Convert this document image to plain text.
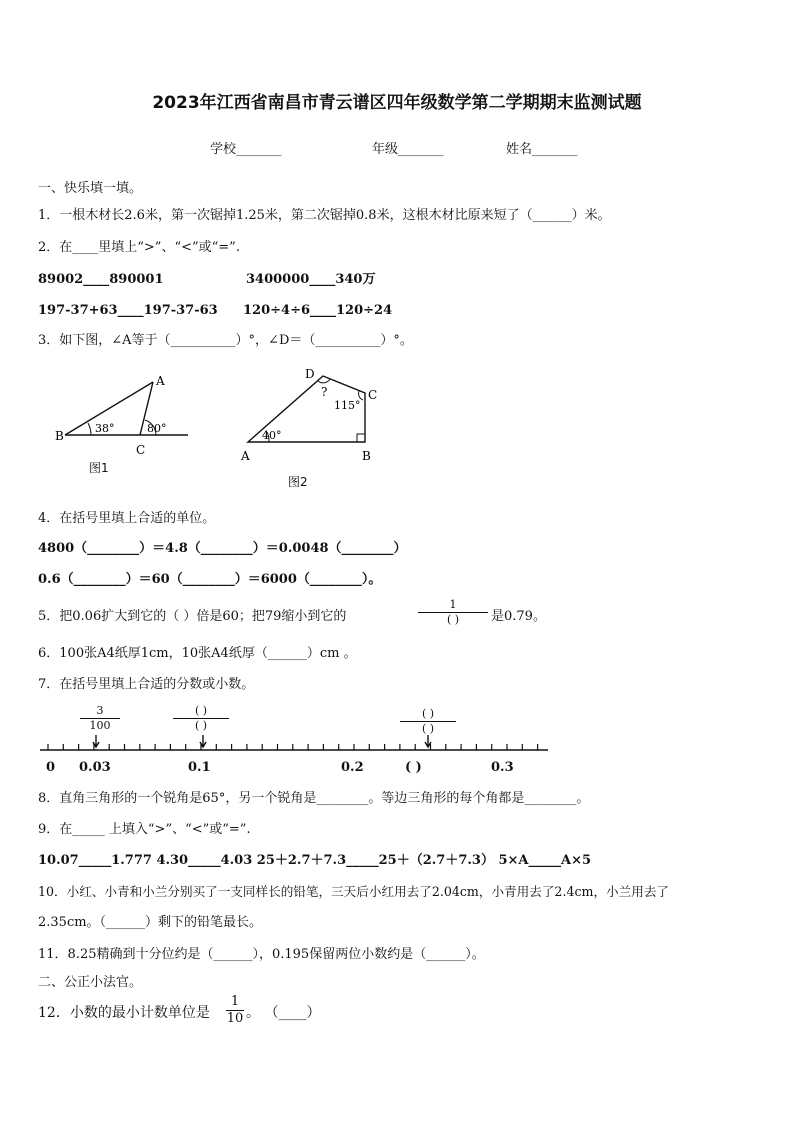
2023年江西省南昌市青云谱区四年级数学第二学期期末监测试题
学校_______	年级_______	姓名_______
一、快乐填一填。
1．一根木材长2.6米，第一次锯掉1.25米，第二次锯掉0.8米，这根木材比原来短了（______）米。
2．在____里填上“>”、“<”或“=”.
89002____890001	3400000____340万
197-37+63____197-37-63 120÷4÷6____120÷24
3．如下图，∠A等于（__________）°，∠D＝（__________）°。
A
B
C
38°	80°
图1
A	B
C
D
?
115°
40°
图2
4．在括号里填上合适的单位。
4800（________）＝4.8（________）＝0.0048（________）
0.6（________）＝60（________）＝6000（________）。
5．把0.06扩大到它的（ ）倍是60；把79缩小到它的
1
( )	是0.79。
6．100张A4纸厚1cm，10张A4纸厚（______）cm 。
7．在括号里填上合适的分数或小数。
3
100
( )
( )
( )
( )
0 0.03	0.1	0.2	( )	0.3
8．直角三角形的一个锐角是65°，另一个锐角是________。等边三角形的每个角都是________。
9．在_____ 上填入“>”、“<”或“=”.
10.07_____1.777 4.30_____4.03 25＋2.7＋7.3_____25＋（2.7＋7.3） 5×A_____A×5
10．小红、小青和小兰分别买了一支同样长的铅笔，三天后小红用去了2.04cm，小青用去了2.4cm，小兰用去了
2.35cm。（______）剩下的铅笔最长。
11．8.25精确到十分位约是（______），0.195保留两位小数约是（______）。
二、公正小法官。
12．小数的最小计数单位是
1
10 。 （____）
